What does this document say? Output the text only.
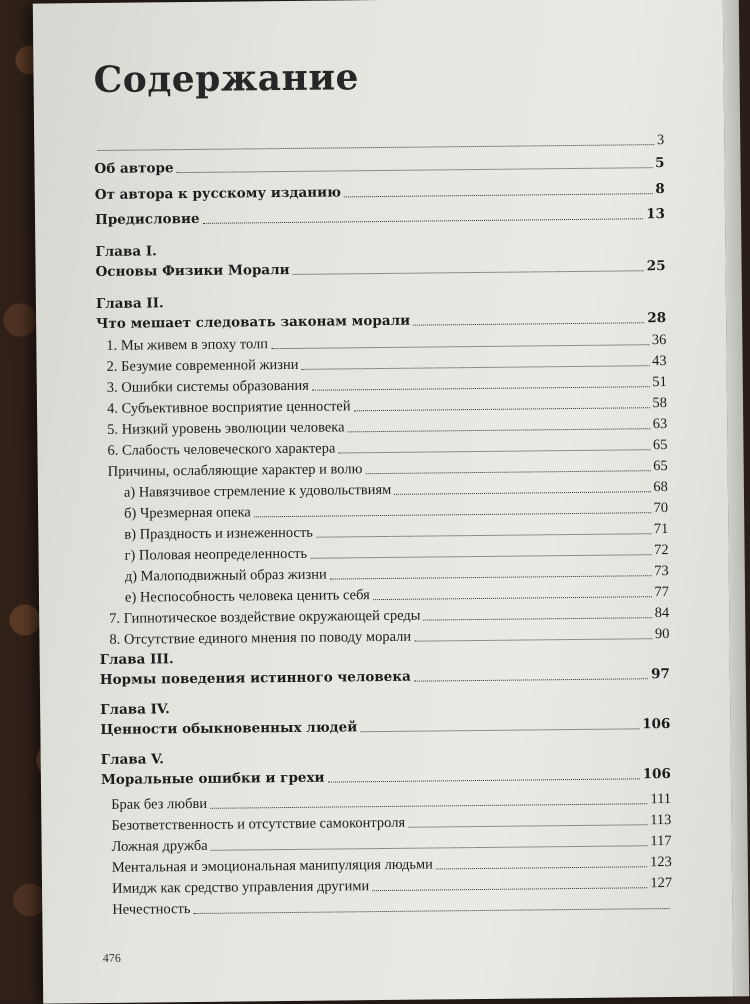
Содержание
3
Об авторе	5
От автора к русскому изданию	8
Предисловие	13
Глава I.
Основы Физики Морали	25
Глава II.
Что мешает следовать законам морали	28
1. Мы живем в эпоху толп	36
2. Безумие современной жизни	43
3. Ошибки системы образования	51
4. Субъективное восприятие ценностей	58
5. Низкий уровень эволюции человека	63
6. Слабость человеческого характера	65
Причины, ослабляющие характер и волю	65
а) Навязчивое стремление к удовольствиям	68
б) Чрезмерная опека	70
в) Праздность и изнеженность	71
г) Половая неопределенность	72
д) Малоподвижный образ жизни	73
е) Неспособность человека ценить себя	77
7. Гипнотическое воздействие окружающей среды	84
8. Отсутствие единого мнения по поводу морали	90
Глава III.
Нормы поведения истинного человека	97
Глава IV.
Ценности обыкновенных людей	106
Глава V.
Моральные ошибки и грехи	106
Брак без любви	111
Безответственность и отсутствие самоконтроля	113
Ложная дружба	117
Ментальная и эмоциональная манипуляция людьми	123
Имидж как средство управления другими	127
Нечестность
476
